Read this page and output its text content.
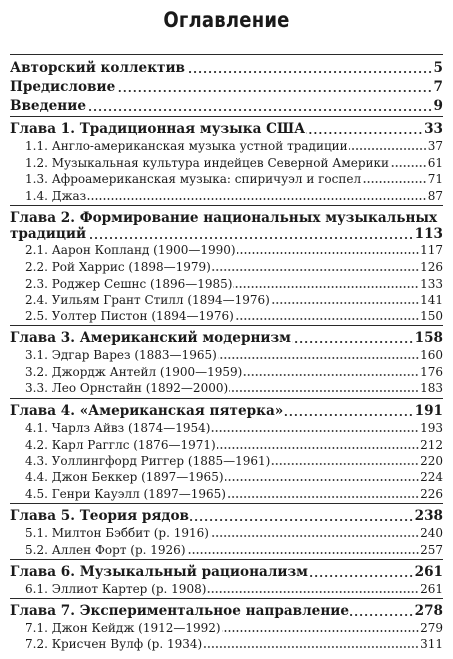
Оглавление
Авторский коллектив	5
Предисловие	7
Введение	9
Глава 1. Традиционная музыка США	33
1.1. Англо-американская музыка устной традиции	37
1.2. Музыкальная культура индейцев Северной Америки	61
1.3. Афроамериканская музыка: спиричуэл и госпел	71
1.4. Джаз	87
Глава 2. Формирование национальных музыкальных
традиций	113
2.1. Аарон Копланд (1900—1990)	117
2.2. Рой Харрис (1898—1979)	126
2.3. Роджер Сешнс (1896—1985)	133
2.4. Уильям Грант Стилл (1894—1976)	141
2.5. Уолтер Пистон (1894—1976)	150
Глава 3. Американский модернизм	158
3.1. Эдгар Варез (1883—1965)	160
3.2. Джордж Антейл (1900—1959)	176
3.3. Лео Орнстайн (1892—2000)	183
Глава 4. «Американская пятерка»	191
4.1. Чарлз Айвз (1874—1954)	193
4.2. Карл Рагглс (1876—1971)	212
4.3. Уоллингфорд Риггер (1885—1961)	220
4.4. Джон Беккер (1897—1965)	224
4.5. Генри Кауэлл (1897—1965)	226
Глава 5. Теория рядов	238
5.1. Милтон Бэббит (р. 1916)	240
5.2. Аллен Форт (р. 1926)	257
Глава 6. Музыкальный рационализм	261
6.1. Эллиот Картер (р. 1908)	261
Глава 7. Экспериментальное направление	278
7.1. Джон Кейдж (1912—1992)	279
7.2. Крисчен Вулф (р. 1934)	311
